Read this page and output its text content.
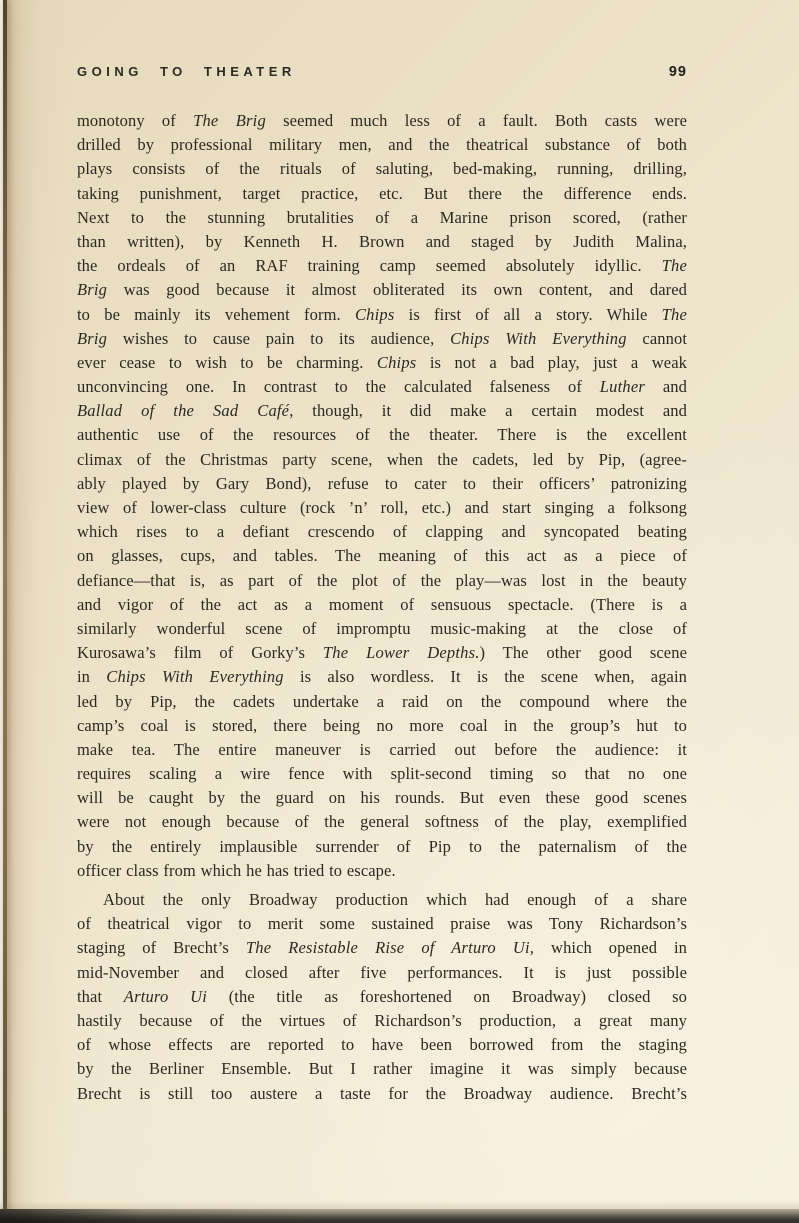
GOING TO THEATER	99
monotony of The Brig seemed much less of a fault. Both casts were
drilled by professional military men, and the theatrical substance of both
plays consists of the rituals of saluting, bed-making, running, drilling,
taking punishment, target practice, etc. But there the difference ends.
Next to the stunning brutalities of a Marine prison scored, (rather
than written), by Kenneth H. Brown and staged by Judith Malina,
the ordeals of an RAF training camp seemed absolutely idyllic. The
Brig was good because it almost obliterated its own content, and dared
to be mainly its vehement form. Chips is first of all a story. While The
Brig wishes to cause pain to its audience, Chips With Everything cannot
ever cease to wish to be charming. Chips is not a bad play, just a weak
unconvincing one. In contrast to the calculated falseness of Luther and
Ballad of the Sad Café, though, it did make a certain modest and
authentic use of the resources of the theater. There is the excellent
climax of the Christmas party scene, when the cadets, led by Pip, (agree-
ably played by Gary Bond), refuse to cater to their officers’ patronizing
view of lower-class culture (rock ’n’ roll, etc.) and start singing a folksong
which rises to a defiant crescendo of clapping and syncopated beating
on glasses, cups, and tables. The meaning of this act as a piece of
defiance—that is, as part of the plot of the play—was lost in the beauty
and vigor of the act as a moment of sensuous spectacle. (There is a
similarly wonderful scene of impromptu music-making at the close of
Kurosawa’s film of Gorky’s The Lower Depths.) The other good scene
in Chips With Everything is also wordless. It is the scene when, again
led by Pip, the cadets undertake a raid on the compound where the
camp’s coal is stored, there being no more coal in the group’s hut to
make tea. The entire maneuver is carried out before the audience: it
requires scaling a wire fence with split-second timing so that no one
will be caught by the guard on his rounds. But even these good scenes
were not enough because of the general softness of the play, exemplified
by the entirely implausible surrender of Pip to the paternalism of the
officer class from which he has tried to escape.
About the only Broadway production which had enough of a share
of theatrical vigor to merit some sustained praise was Tony Richardson’s
staging of Brecht’s The Resistable Rise of Arturo Ui, which opened in
mid-November and closed after five performances. It is just possible
that Arturo Ui (the title as foreshortened on Broadway) closed so
hastily because of the virtues of Richardson’s production, a great many
of whose effects are reported to have been borrowed from the staging
by the Berliner Ensemble. But I rather imagine it was simply because
Brecht is still too austere a taste for the Broadway audience. Brecht’s
